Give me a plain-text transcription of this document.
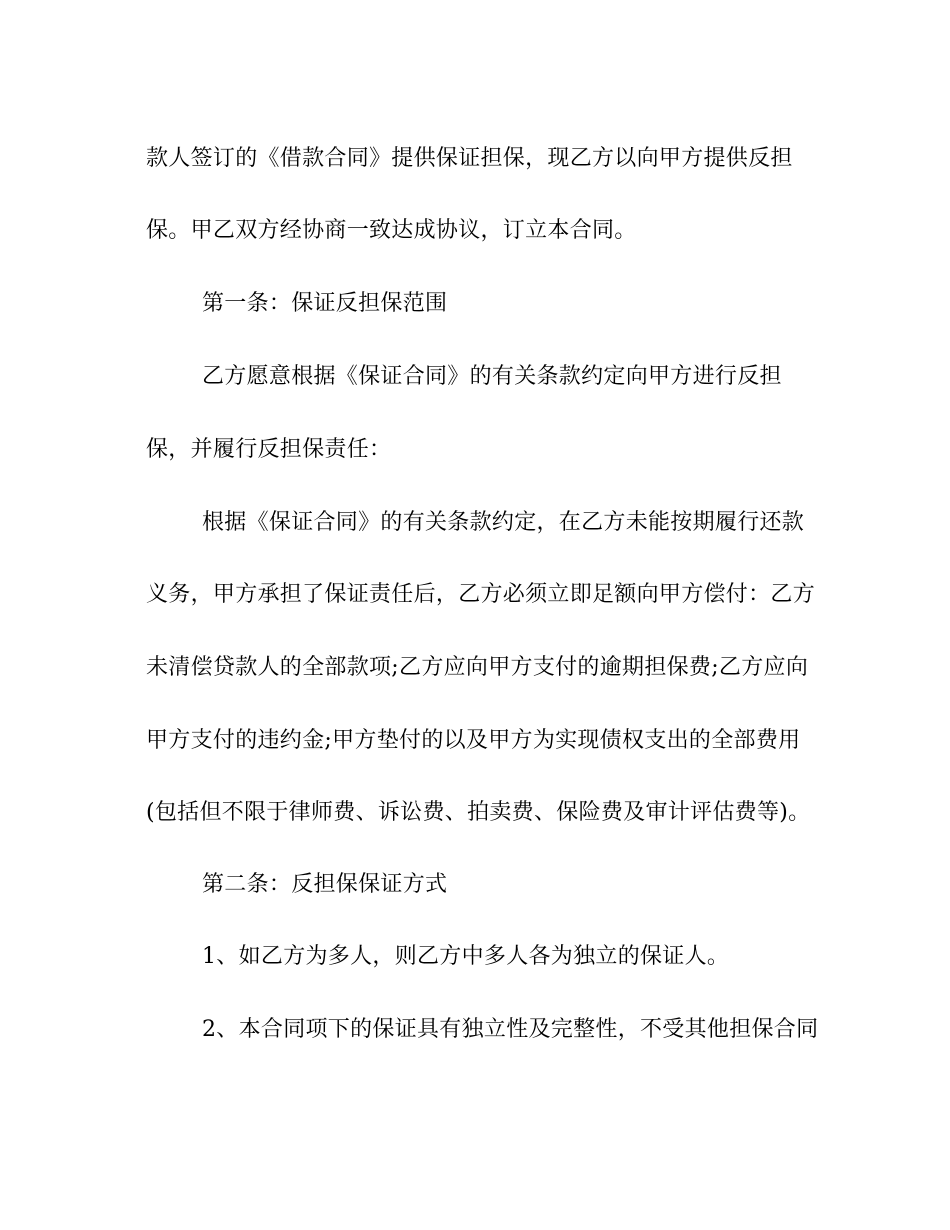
款人签订的《借款合同》提供保证担保，现乙方以向甲方提供反担
保。甲乙双方经协商一致达成协议，订立本合同。
第一条：保证反担保范围
乙方愿意根据《保证合同》的有关条款约定向甲方进行反担
保，并履行反担保责任：
根据《保证合同》的有关条款约定，在乙方未能按期履行还款
义务，甲方承担了保证责任后，乙方必须立即足额向甲方偿付：乙方
未清偿贷款人的全部款项;乙方应向甲方支付的逾期担保费;乙方应向
甲方支付的违约金;甲方垫付的以及甲方为实现债权支出的全部费用
(包括但不限于律师费、诉讼费、拍卖费、保险费及审计评估费等)。
第二条：反担保保证方式
1、如乙方为多人，则乙方中多人各为独立的保证人。
2、本合同项下的保证具有独立性及完整性，不受其他担保合同
